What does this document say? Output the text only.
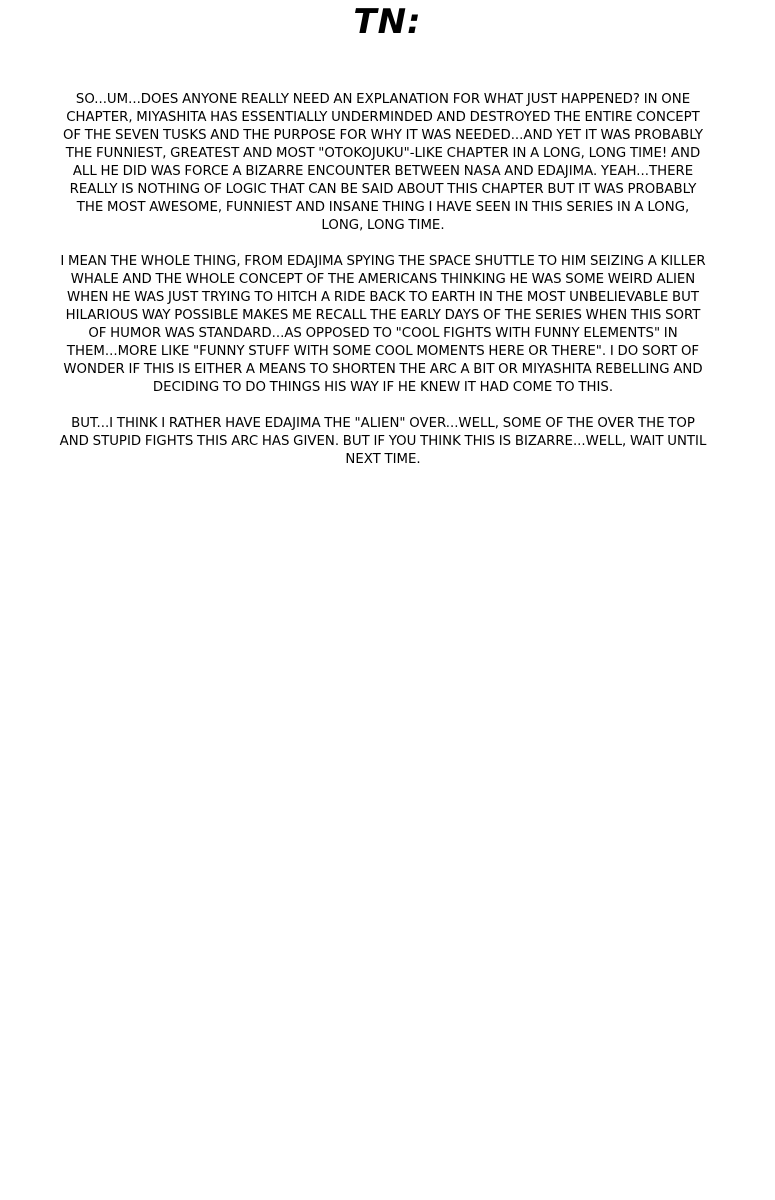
TN:

SO...UM...DOES ANYONE REALLY NEED AN EXPLANATION FOR WHAT JUST HAPPENED? IN ONE CHAPTER, MIYASHITA HAS ESSENTIALLY UNDERMINDED AND DESTROYED THE ENTIRE CONCEPT OF THE SEVEN TUSKS AND THE PURPOSE FOR WHY IT WAS NEEDED...AND YET IT WAS PROBABLY THE FUNNIEST, GREATEST AND MOST "OTOKOJUKU"-LIKE CHAPTER IN A LONG, LONG TIME! AND ALL HE DID WAS FORCE A BIZARRE ENCOUNTER BETWEEN NASA AND EDAJIMA. YEAH...THERE REALLY IS NOTHING OF LOGIC THAT CAN BE SAID ABOUT THIS CHAPTER BUT IT WAS PROBABLY THE MOST AWESOME, FUNNIEST AND INSANE THING I HAVE SEEN IN THIS SERIES IN A LONG, LONG, LONG TIME.

I MEAN THE WHOLE THING, FROM EDAJIMA SPYING THE SPACE SHUTTLE TO HIM SEIZING A KILLER WHALE AND THE WHOLE CONCEPT OF THE AMERICANS THINKING HE WAS SOME WEIRD ALIEN WHEN HE WAS JUST TRYING TO HITCH A RIDE BACK TO EARTH IN THE MOST UNBELIEVABLE BUT HILARIOUS WAY POSSIBLE MAKES ME RECALL THE EARLY DAYS OF THE SERIES WHEN THIS SORT OF HUMOR WAS STANDARD...AS OPPOSED TO "COOL FIGHTS WITH FUNNY ELEMENTS" IN THEM...MORE LIKE "FUNNY STUFF WITH SOME COOL MOMENTS HERE OR THERE". I DO SORT OF WONDER IF THIS IS EITHER A MEANS TO SHORTEN THE ARC A BIT OR MIYASHITA REBELLING AND DECIDING TO DO THINGS HIS WAY IF HE KNEW IT HAD COME TO THIS.

BUT...I THINK I RATHER HAVE EDAJIMA THE "ALIEN" OVER...WELL, SOME OF THE OVER THE TOP AND STUPID FIGHTS THIS ARC HAS GIVEN. BUT IF YOU THINK THIS IS BIZARRE...WELL, WAIT UNTIL NEXT TIME.
